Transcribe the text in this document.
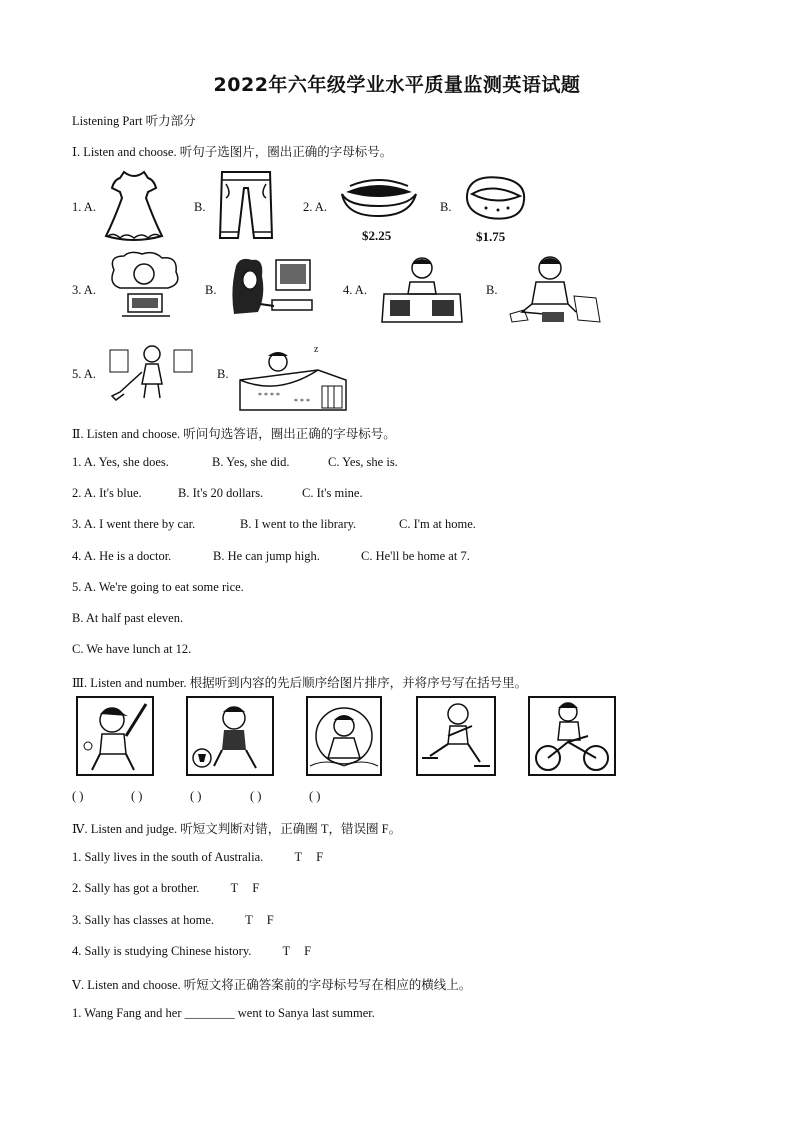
2022年六年级学业水平质量监测英语试题
Listening Part 听力部分
Ⅰ. Listen and choose. 听句子选图片，圈出正确的字母标号。
1. A.	B.	2. A.
$2.25
B.
$1.75
3. A.	B.	4. A.	B.
5. A.	B.
* * * *
* * *
z
Ⅱ. Listen and choose. 听问句选答语，圈出正确的字母标号。
1. A. Yes, she does.	B. Yes, she did.	C. Yes, she is.
2. A. It's blue.	B. It's 20 dollars.	C. It's mine.
3. A. I went there by car.	B. I went to the library.	C. I'm at home.
4. A. He is a doctor.	B. He can jump high.	C. He'll be home at 7.
5. A. We're going to eat some rice.
B. At half past eleven.
C. We have lunch at 12.
Ⅲ. Listen and number. 根据听到内容的先后顺序给图片排序，并将序号写在括号里。
( )	( )	( )	( )	( )
Ⅳ. Listen and judge. 听短文判断对错，正确圈 T，错误圈 F。
1. Sally lives in the south of Australia. T F
2. Sally has got a brother. T F
3. Sally has classes at home. T F
4. Sally is studying Chinese history. T F
Ⅴ. Listen and choose. 听短文将正确答案前的字母标号写在相应的横线上。
1. Wang Fang and her ________ went to Sanya last summer.
